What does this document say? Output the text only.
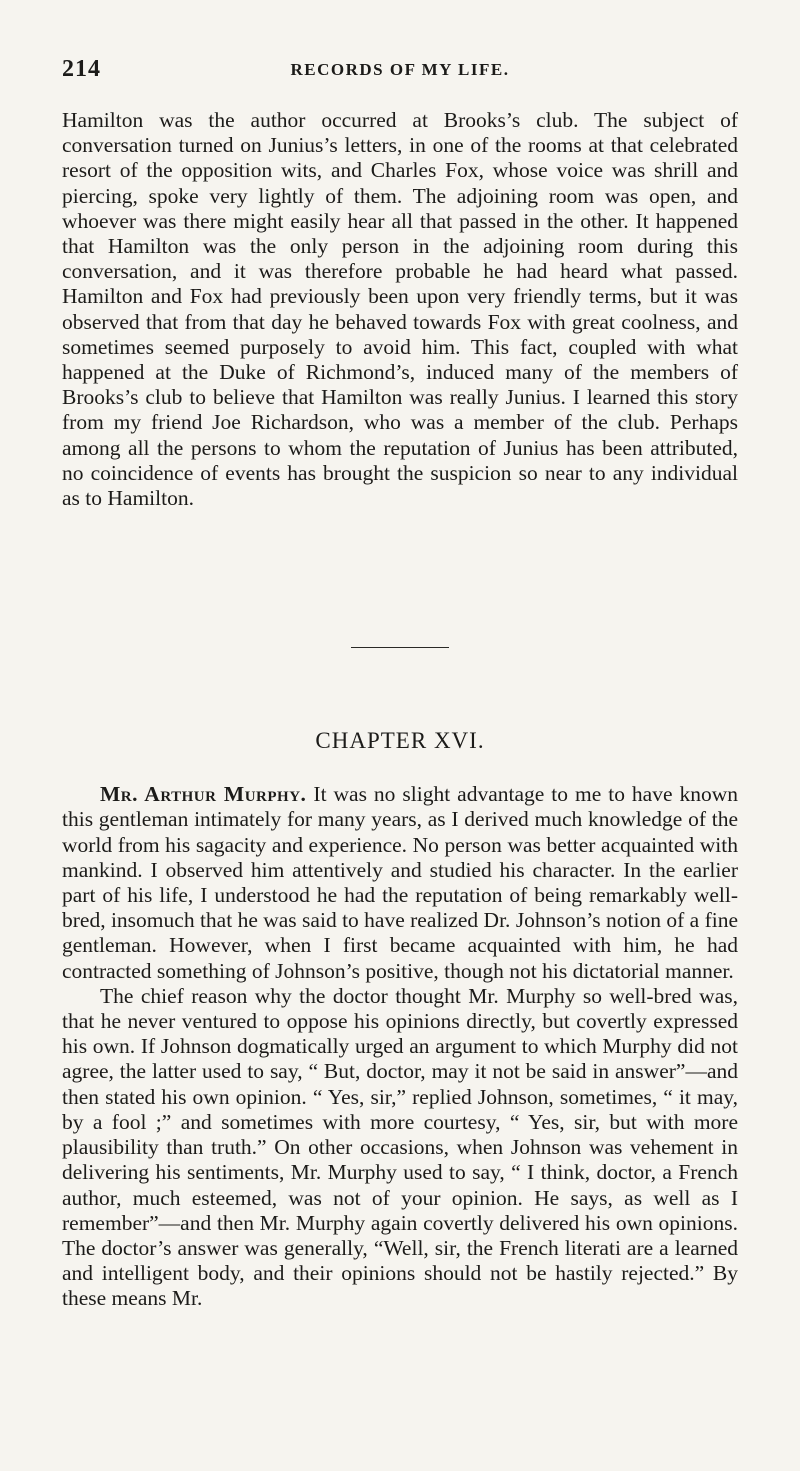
214	RECORDS OF MY LIFE.

Hamilton was the author occurred at Brooks’s club. The subject of conversation turned on Junius’s letters, in one of the rooms at that celebrated resort of the opposition wits, and Charles Fox, whose voice was shrill and piercing, spoke very lightly of them. The adjoining room was open, and whoever was there might easily hear all that passed in the other. It happened that Hamilton was the only person in the adjoining room during this conversation, and it was therefore probable he had heard what passed. Hamilton and Fox had previously been upon very friendly terms, but it was observed that from that day he behaved towards Fox with great coolness, and sometimes seemed purposely to avoid him. This fact, coupled with what happened at the Duke of Richmond’s, induced many of the members of Brooks’s club to believe that Hamilton was really Junius. I learned this story from my friend Joe Richardson, who was a member of the club. Perhaps among all the persons to whom the reputation of Junius has been attributed, no coincidence of events has brought the suspicion so near to any individual as to Hamilton.

CHAPTER XVI.

Mr. Arthur Murphy. It was no slight advantage to me to have known this gentleman intimately for many years, as I derived much knowledge of the world from his sagacity and experience. No person was better acquainted with mankind. I observed him attentively and studied his character. In the earlier part of his life, I understood he had the reputation of being remarkably well-bred, insomuch that he was said to have realized Dr. Johnson’s notion of a fine gentleman. However, when I first became acquainted with him, he had contracted something of Johnson’s positive, though not his dictatorial manner.

The chief reason why the doctor thought Mr. Murphy so well-bred was, that he never ventured to oppose his opinions directly, but covertly expressed his own. If Johnson dogmatically urged an argument to which Murphy did not agree, the latter used to say, “ But, doctor, may it not be said in answer”—and then stated his own opinion. “ Yes, sir,” replied Johnson, sometimes, “ it may, by a fool ;” and sometimes with more courtesy, “ Yes, sir, but with more plausibility than truth.” On other occasions, when Johnson was vehement in delivering his sentiments, Mr. Murphy used to say, “ I think, doctor, a French author, much esteemed, was not of your opinion. He says, as well as I remember”—and then Mr. Murphy again covertly delivered his own opinions. The doctor’s answer was generally, “Well, sir, the French literati are a learned and intelligent body, and their opinions should not be hastily rejected.” By these means Mr.
